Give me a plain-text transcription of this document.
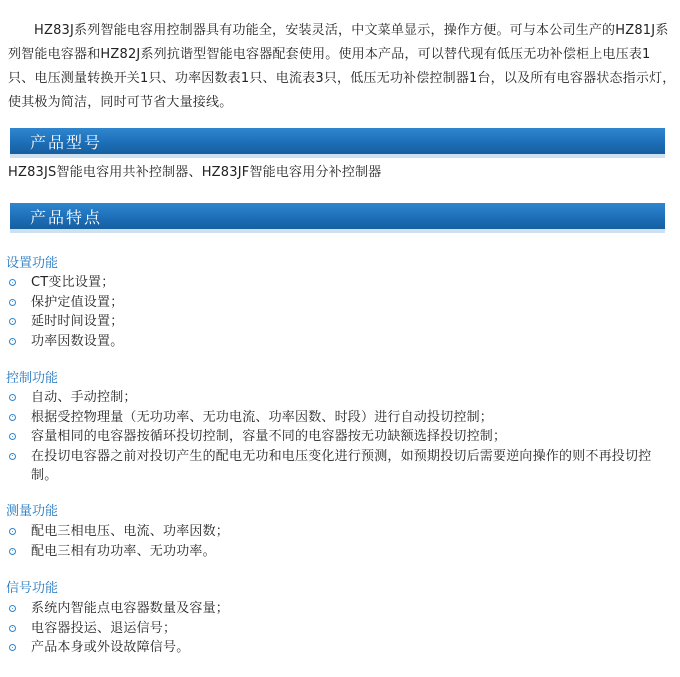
HZ83J系列智能电容用控制器具有功能全，安装灵活，中文菜单显示，操作方便。可与本公司生产的HZ81J系列智能电容器和HZ82J系列抗谐型智能电容器配套使用。使用本产品，可以替代现有低压无功补偿柜上电压表1只、电压测量转换开关1只、功率因数表1只、电流表3只，低压无功补偿控制器1台，以及所有电容器状态指示灯，使其极为简洁，同时可节省大量接线。

产品型号
HZ83JS智能电容用共补控制器、HZ83JF智能电容用分补控制器
产品特点
设置功能
CT变比设置；
保护定值设置；
延时时间设置；
功率因数设置。
控制功能
自动、手动控制；
根据受控物理量（无功功率、无功电流、功率因数、时段）进行自动投切控制；
容量相同的电容器按循环投切控制，容量不同的电容器按无功缺额选择投切控制；
在投切电容器之前对投切产生的配电无功和电压变化进行预测，如预期投切后需要逆向操作的则不再投切控制。
测量功能
配电三相电压、电流、功率因数；
配电三相有功功率、无功功率。
信号功能
系统内智能点电容器数量及容量；
电容器投运、退运信号；
产品本身或外设故障信号。
